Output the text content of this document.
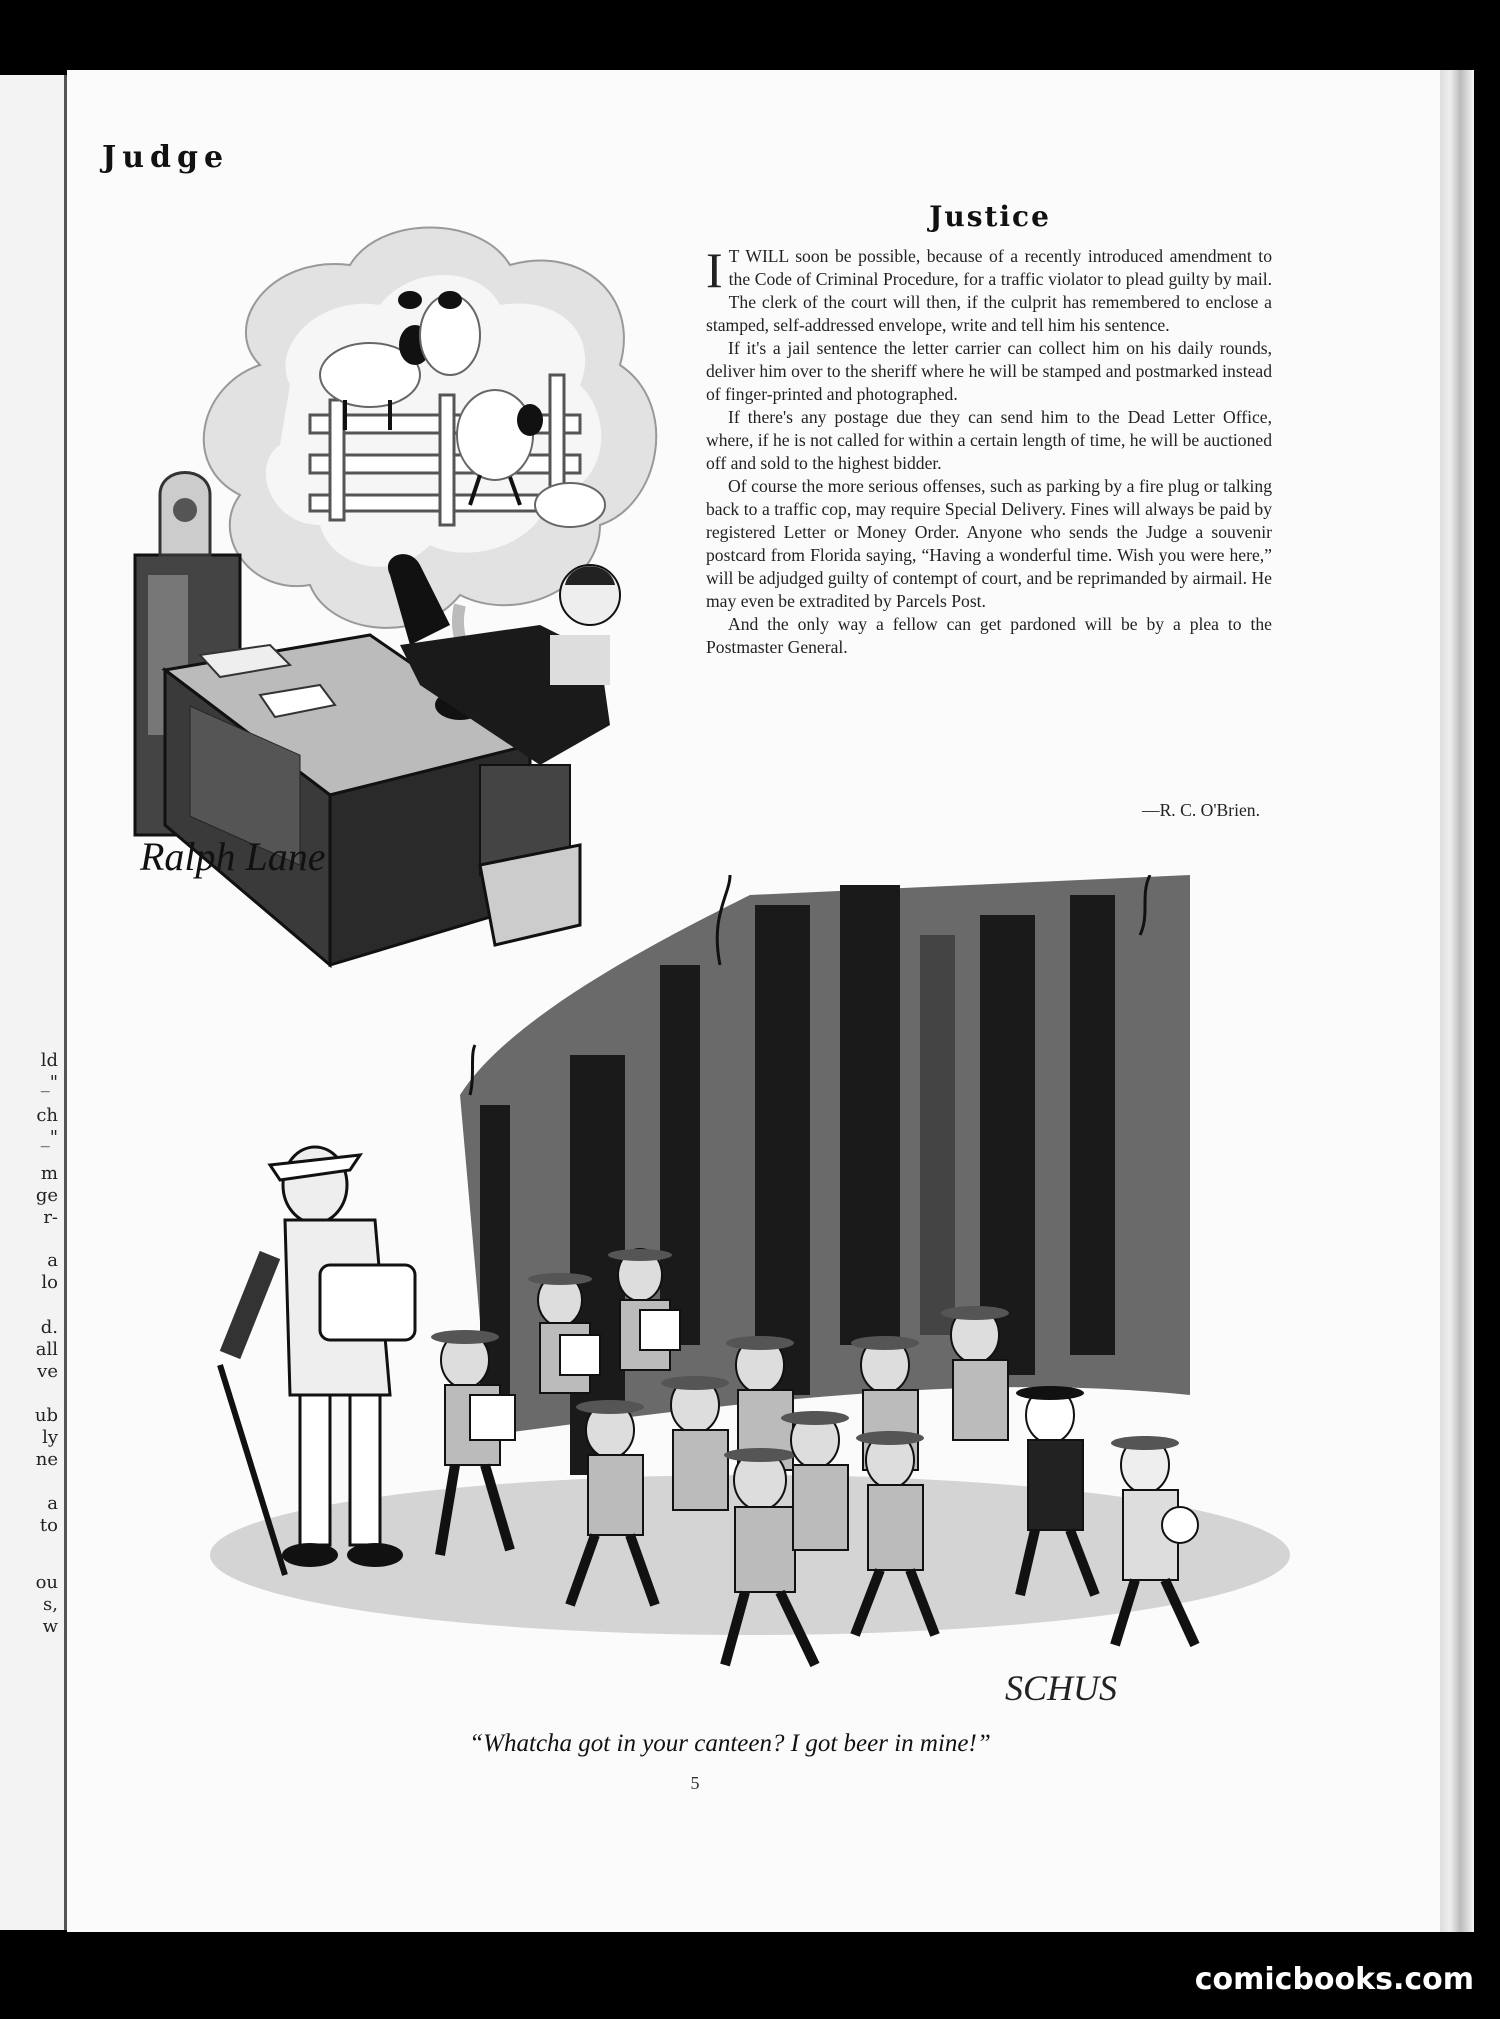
ld
_"
ch
_"
m
ge
r-
a
lo
d.
all
ve
ub
ly
ne
a
to
ou
s,
w
Judge
Ralph Lane
Justice

I T WILL soon be possible, because of a recently introduced amendment to the Code of Criminal Procedure, for a traffic violator to plead guilty by mail. The clerk of the court will then, if the culprit has remembered to enclose a stamped, self-addressed envelope, write and tell him his sentence.

If it's a jail sentence the letter carrier can collect him on his daily rounds, deliver him over to the sheriff where he will be stamped and postmarked instead of finger-printed and photographed.

If there's any postage due they can send him to the Dead Letter Office, where, if he is not called for within a certain length of time, he will be auctioned off and sold to the highest bidder.

Of course the more serious offenses, such as parking by a fire plug or talking back to a traffic cop, may require Special Delivery. Fines will always be paid by registered Letter or Money Order. Anyone who sends the Judge a souvenir postcard from Florida saying, “Having a wonderful time. Wish you were here,” will be adjudged guilty of contempt of court, and be reprimanded by airmail. He may even be extradited by Parcels Post.

And the only way a fellow can get pardoned will be by a plea to the Postmaster General.

—R. C. O'Brien.
SCHUS
“Whatcha got in your canteen? I got beer in mine!”
5
comicbooks.com
